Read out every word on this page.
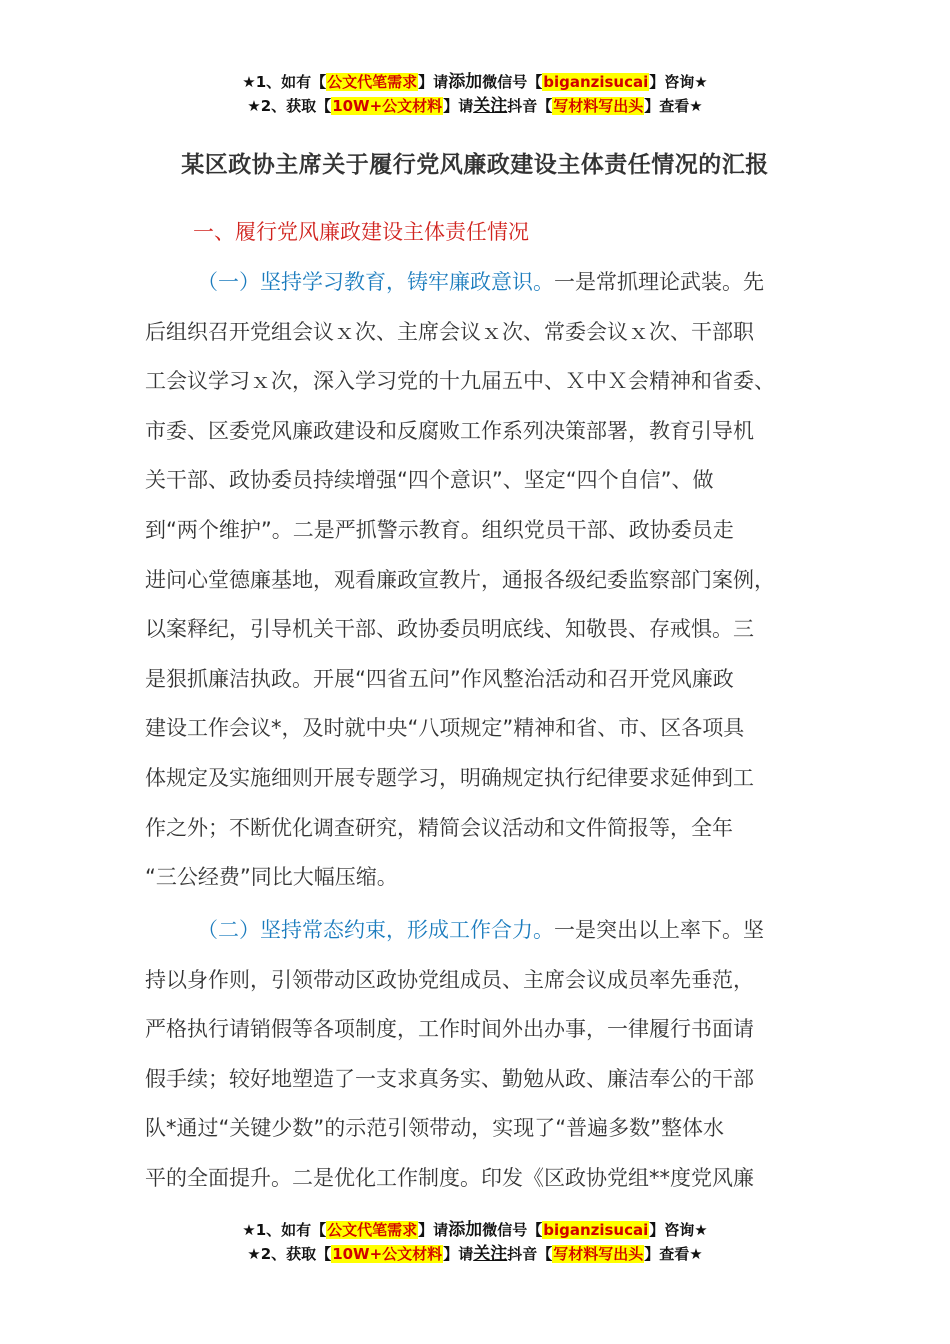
★1、如有【公文代笔需求】请添加微信号【biganzisucai】咨询★
★2、获取【10W+公文材料】请关注抖音【写材料写出头】查看★
某区政协主席关于履行党风廉政建设主体责任情况的汇报
一、履行党风廉政建设主体责任情况
（一）坚持学习教育，铸牢廉政意识。一是常抓理论武装。先
后组织召开党组会议ｘ次、主席会议ｘ次、常委会议ｘ次、干部职
工会议学习ｘ次，深入学习党的十九届五中、Ｘ中Ｘ会精神和省委、
市委、区委党风廉政建设和反腐败工作系列决策部署，教育引导机
关干部、政协委员持续增强“四个意识”、坚定“四个自信”、做
到“两个维护”。二是严抓警示教育。组织党员干部、政协委员走
进问心堂德廉基地，观看廉政宣教片，通报各级纪委监察部门案例，
以案释纪，引导机关干部、政协委员明底线、知敬畏、存戒惧。三
是狠抓廉洁执政。开展“四省五问”作风整治活动和召开党风廉政
建设工作会议*，及时就中央“八项规定”精神和省、市、区各项具
体规定及实施细则开展专题学习，明确规定执行纪律要求延伸到工
作之外；不断优化调查研究，精简会议活动和文件简报等，全年
“三公经费”同比大幅压缩。
（二）坚持常态约束，形成工作合力。一是突出以上率下。坚
持以身作则，引领带动区政协党组成员、主席会议成员率先垂范，
严格执行请销假等各项制度，工作时间外出办事，一律履行书面请
假手续；较好地塑造了一支求真务实、勤勉从政、廉洁奉公的干部
队*通过“关键少数”的示范引领带动，实现了“普遍多数”整体水
平的全面提升。二是优化工作制度。印发《区政协党组**度党风廉
★1、如有【公文代笔需求】请添加微信号【biganzisucai】咨询★
★2、获取【10W+公文材料】请关注抖音【写材料写出头】查看★
